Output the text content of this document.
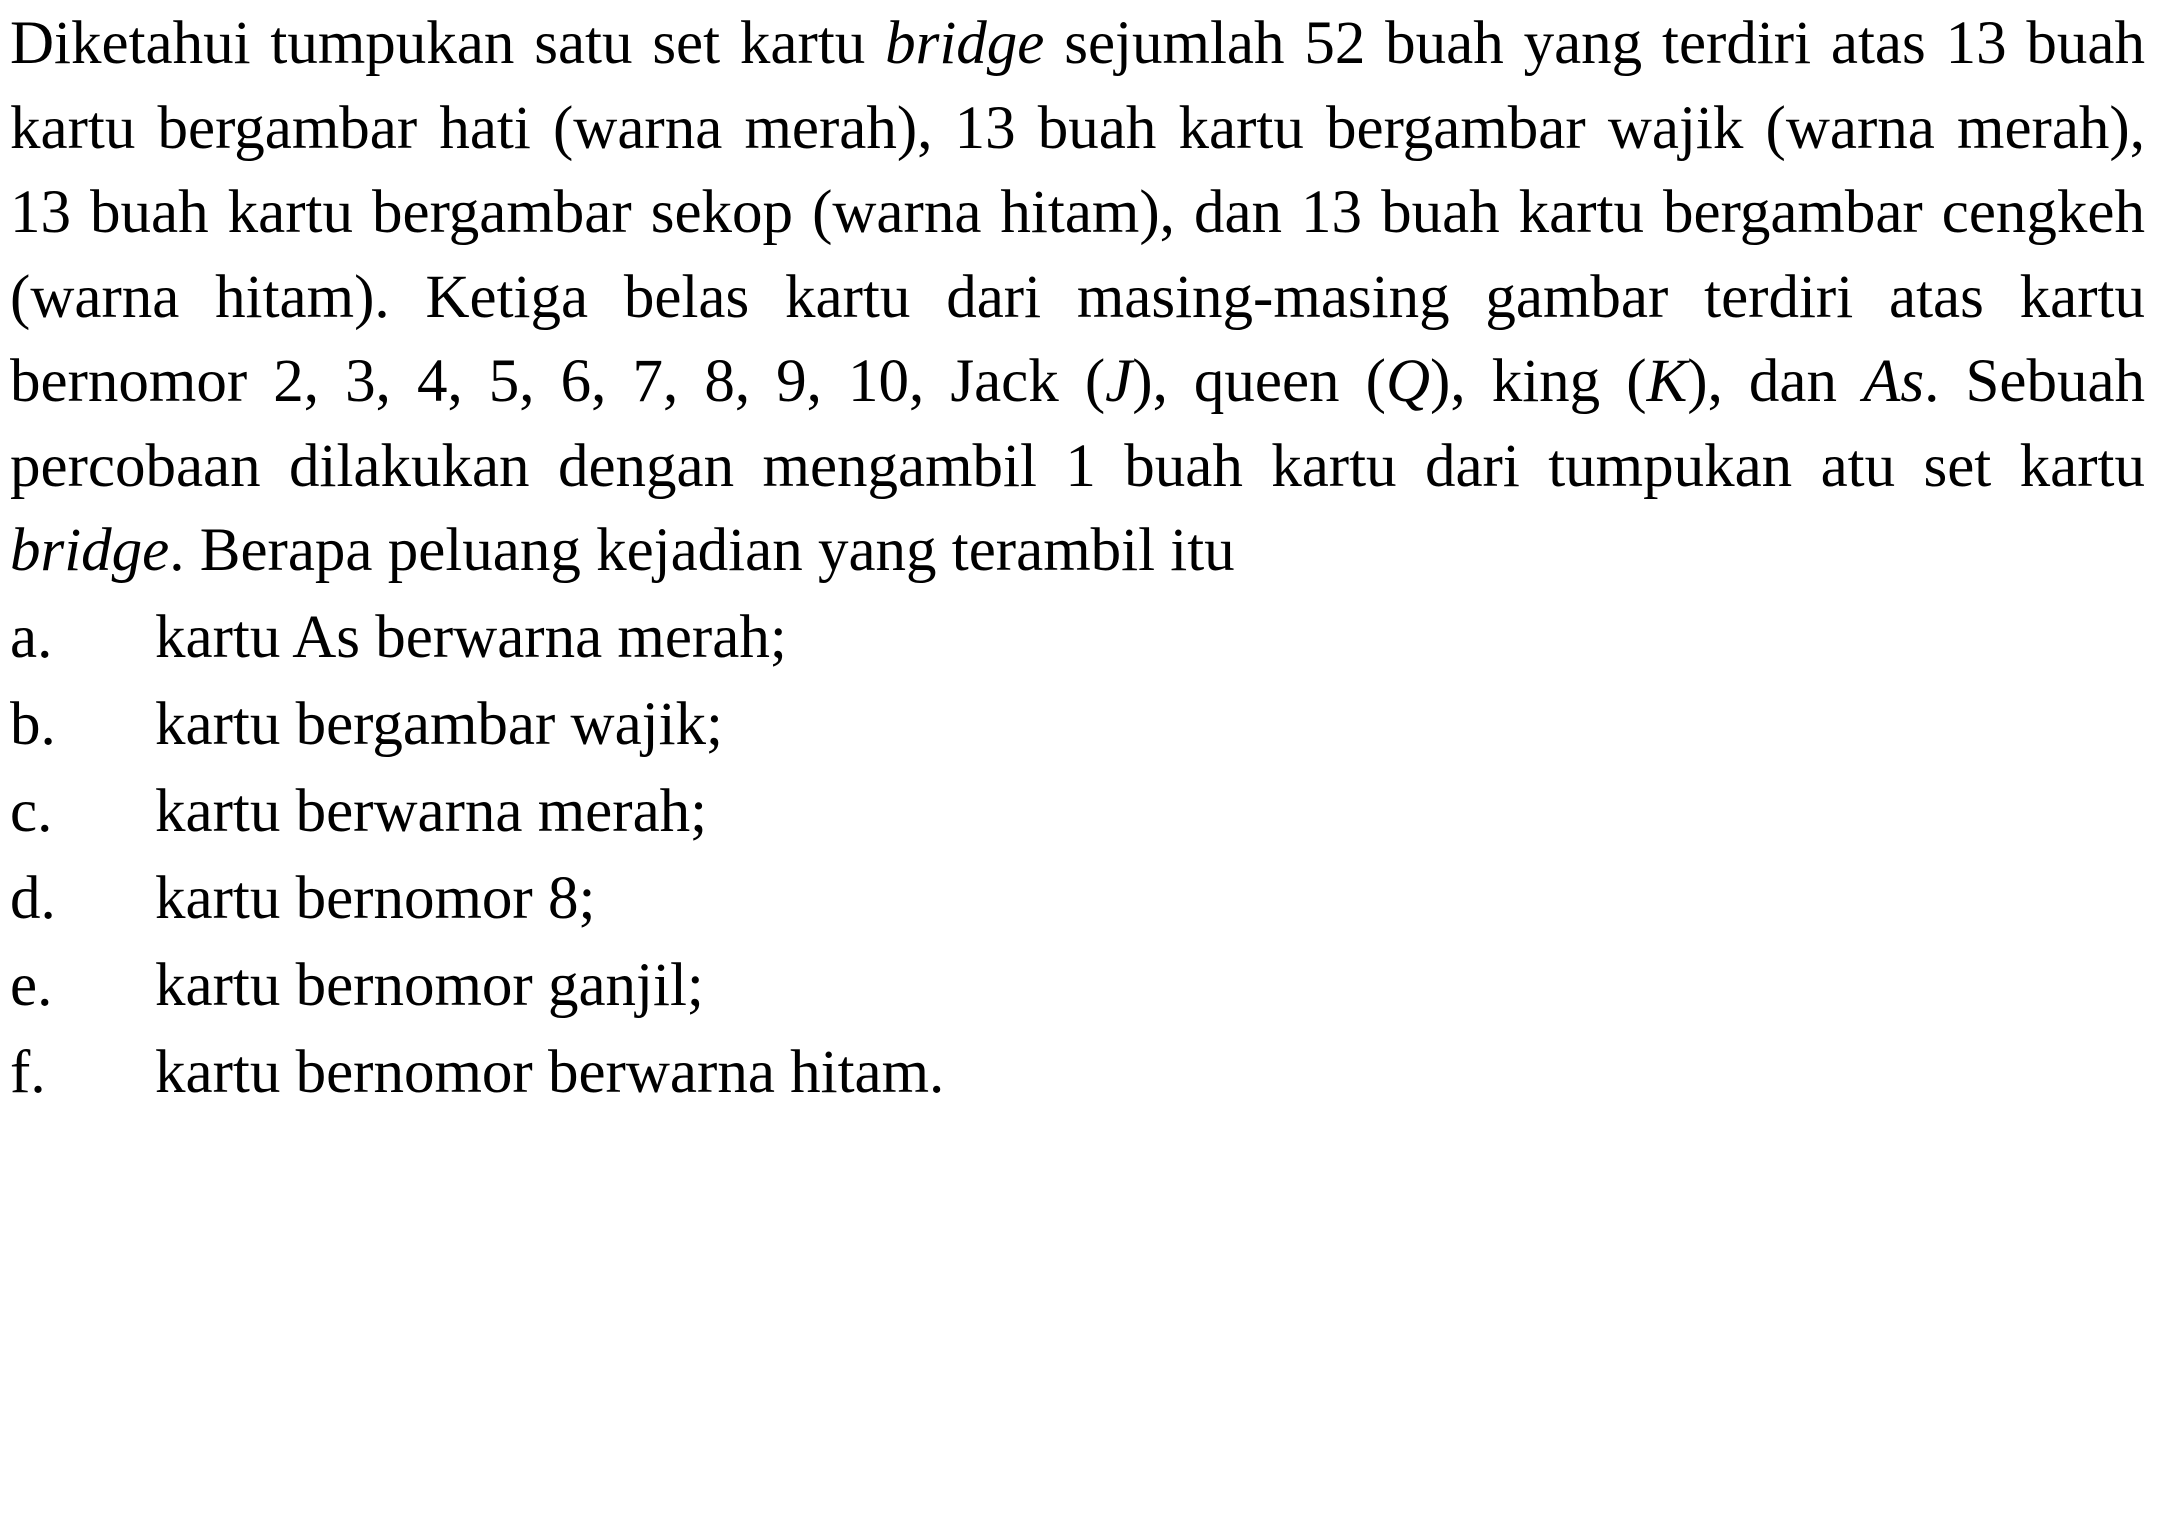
Diketahui tumpukan satu set kartu bridge sejumlah 52 buah yang terdiri atas 13 buah kartu bergambar hati (warna merah), 13 buah kartu bergambar wajik (warna merah), 13 buah kartu bergambar sekop (warna hitam), dan 13 buah kartu bergambar cengkeh (warna hitam). Ketiga belas kartu dari masing-masing gambar terdiri atas kartu bernomor 2, 3, 4, 5, 6, 7, 8, 9, 10, Jack (J), queen (Q), king (K), dan As. Sebuah percobaan dilakukan dengan mengambil 1 buah kartu dari tumpukan atu set kartu bridge. Berapa peluang kejadian yang terambil itu

a.	kartu As berwarna merah;
b.	kartu bergambar wajik;
c.	kartu berwarna merah;
d.	kartu bernomor 8;
e.	kartu bernomor ganjil;
f.	kartu bernomor berwarna hitam.
